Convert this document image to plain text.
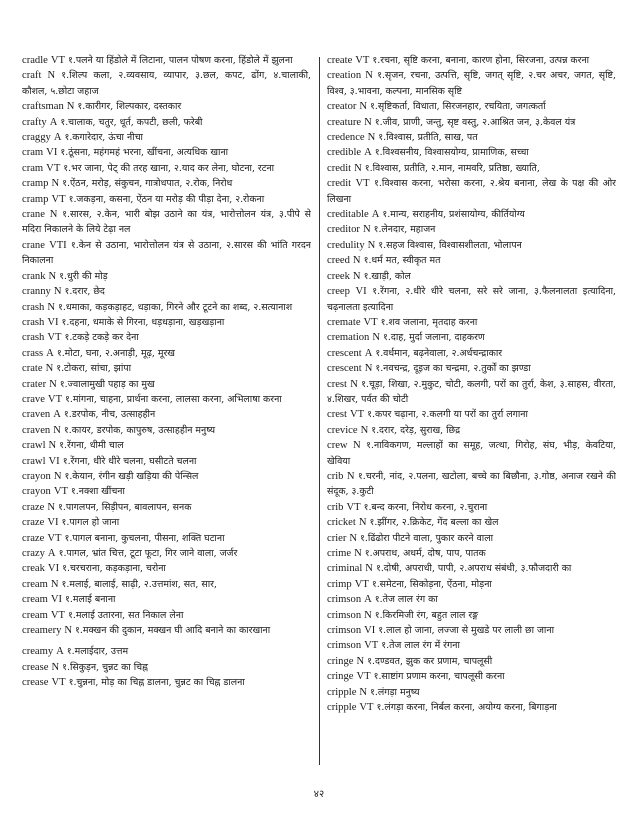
cradle VT १.पलने या हिंडोले में लिटाना, पालन पोषण करना, हिंडोले में झुलना

craft N १.शिल्प कला, २.व्यवसाय, व्यापार, ३.छल, कपट, ढोंग, ४.चालाकी, कौशल, ५.छोटा जहाज

craftsman N १.कारीगर, शिल्पकार, दस्तकार

crafty A १.चालाक, चतुर, धूर्त, कपटी, छली, फरेबी

craggy A १.कगारेदार, ऊंचा नीचा

cram VI १.ठूंसना, महंगमहं भरना, खींचना, अत्यधिक खाना

cram VT १.भर जाना, पेट् की तरह खाना, २.याद कर लेना, घोटना, रटना

cramp N १.ऐंठन, मरोड़, संकुचन, गात्रोधपात, २.रोक, निरोध

cramp VT १.जकड़ना, कसना, ऐंठन या मरोड़ की पीड़ा देना, २.रोकना

crane N १.सारस, २.केन, भारी बोझ उठाने का यंत्र, भारोत्तोलन यंत्र, ३.पीपे से मदिरा निकालने के लिये टेढ़ा नल

crane VTI १.केन से उठाना, भारोत्तोलन यंत्र से उठाना, २.सारस की भांति गरदन निकालना

crank N १.धुरी की मोड़

cranny N १.दरार, छेद

crash N १.धमाका, कड़कड़ाहट, धड़ाका, गिरने और टूटने का शब्द, २.सत्यानाश

crash VI १.दहना, धमाके से गिरना, धड़धड़ाना, खड़खड़ाना

crash VT १.टकड़े टकड़े कर देना

crass A १.मोटा, घना, २.अनाड़ी, मूढ़, मूरख

crate N १.टोकरा, सांचा, झांपा

crater N १.ज्वालामुखी पहाड़ का मुख

crave VT १.मांगना, चाहना, प्रार्थना करना, लालसा करना, अभिलाषा करना

craven A १.डरपोक, नीच, उत्साहहीन

craven N १.कायर, डरपोक, कापुरुष, उत्साहहीन मनुष्य

crawl N १.रेंगना, धीमी चाल

crawl VI १.रेंगना, धीरे धीरे चलना, घसीटते चलना

crayon N १.केयान, रंगीन खड़ी खड़िया की पेन्सिल

crayon VT १.नक्शा खींचना

craze N १.पागलपन, सिड़ीपन, बावलापन, सनक

craze VI १.पागल हो जाना

craze VT १.पागल बनाना, कुचलना, पीसना, शक्ति घटाना

crazy A १.पागल, भ्रांत चित्त, टूटा फूटा, गिर जाने वाला, जर्जर

creak VI १.चरचराना, कड़कड़ाना, चरोना

cream N १.मलाई, बालाई, साढ़ी, २.उत्तमांश, सत, सार,

cream VI १.मलाई बनाना

cream VT १.मलाई उतारना, सत निकाल लेना

creamery N १.मक्खन की दुकान, मक्खन घी आदि बनाने का कारखाना

creamy A १.मलाईदार, उत्तम

crease N १.सिकुड़न, चुन्नट का चिह्न

crease VT १.चुन्नना, मोड़ का चिह्न डालना, चुन्नट का चिह्न डालना

create VT १.रचना, सृष्टि करना, बनाना, कारण होना, सिरजना, उत्पन्न करना

creation N १.सृजन, रचना, उत्पत्ति, सृष्टि, जगत् सृष्टि, २.चर अचर, जगत, सृष्टि, विश्व, ३.भावना, कल्पना, मानसिक सृष्टि

creator N १.सृष्टिकर्ता, विधाता, सिरजनहार, रचयिता, जगत्कर्ता

creature N १.जीव, प्राणी, जन्तु, सृष्ट वस्तु, २.आश्रित जन, ३.केवल यंत्र

credence N १.विश्वास, प्रतीति, साख, पत

credible A १.विश्वसनीय, विश्वासयोग्य, प्रामाणिक, सच्चा

credit N १.विश्वास, प्रतीति, २.मान, नामवरि, प्रतिष्ठा, ख्याति,

credit VT १.विश्वास करना, भरोसा करना, २.श्रेय बनाना, लेख के पक्ष की ओर लिखना

creditable A १.मान्य, सराहनीय, प्रशंसायोग्य, कीर्तियोग्य

creditor N १.लेनदार, महाजन

credulity N १.सहज विश्वास, विश्वासशीलता, भोलापन

creed N १.धर्म मत, स्वीकृत मत

creek N १.खाड़ी, कोल

creep VI १.रेंगना, २.धीरे धीरे चलना, सरे सरे जाना, ३.फैलनालता इत्यादिना, चढ़नालता इत्यादिना

cremate VT १.शव जलाना, मृतदाह करना

cremation N १.दाह, मुर्दा जलाना, दाहकरण

crescent A १.वर्धमान, बढ़नेवाला, २.अर्धचन्द्राकार

crescent N १.नवचन्द्र, दूइज का चन्द्रमा, २.तुर्कों का झण्डा

crest N १.चूड़ा, शिखा, २.मुकुट, चोटी, कलगी, परों का तुर्रा, केश, ३.साहस, वीरता, ४.शिखर, पर्वत की चोटी

crest VT १.कपर चढ़ाना, २.कलगी या परों का तुर्रा लगाना

crevice N १.दरार, दरेड़, सुराख, छिद्र

crew N १.नाविकगण, मल्लाहों का समूह, जत्था, गिरोह, संघ, भीड़, केवटिया, खेविया

crib N १.चरनी, नांद, २.पलना, खटोला, बच्चे का बिछौना, ३.गोष्ठ, अनाज रखने की संदूक, ३.कुटी

crib VT १.बन्द करना, निरोध करना, २.चुराना

cricket N १.झींगर, २.क्रिकेट, गेंद बल्ला का खेल

crier N १.ढिंढोरा पीटने वाला, पुकार करने वाला

crime N १.अपराध, अधर्म, दोष, पाप, पातक

criminal N १.दोषी, अपराधी, पापी, २.अपराध संबंधी, ३.फौजदारी का

crimp VT १.समेटना, सिकोड़ना, ऐंठना, मोड़ना

crimson A १.तेज लाल रंग का

crimson N १.किरमिजी रंग, बहुत लाल रङ्ग

crimson VI १.लाल हो जाना, लज्जा से मुखडे पर लाली छा जाना

crimson VT १.तेज लाल रंग में रंगना

cringe N १.दण्डवत, झुक कर प्रणाम, चापलूसी

cringe VT १.साष्टांग प्रणाम करना, चापलूसी करना

cripple N १.लंगड़ा मनुष्य

cripple VT १.लंगड़ा करना, निर्बल करना, अयोग्य करना, बिगाड़ना

४२
